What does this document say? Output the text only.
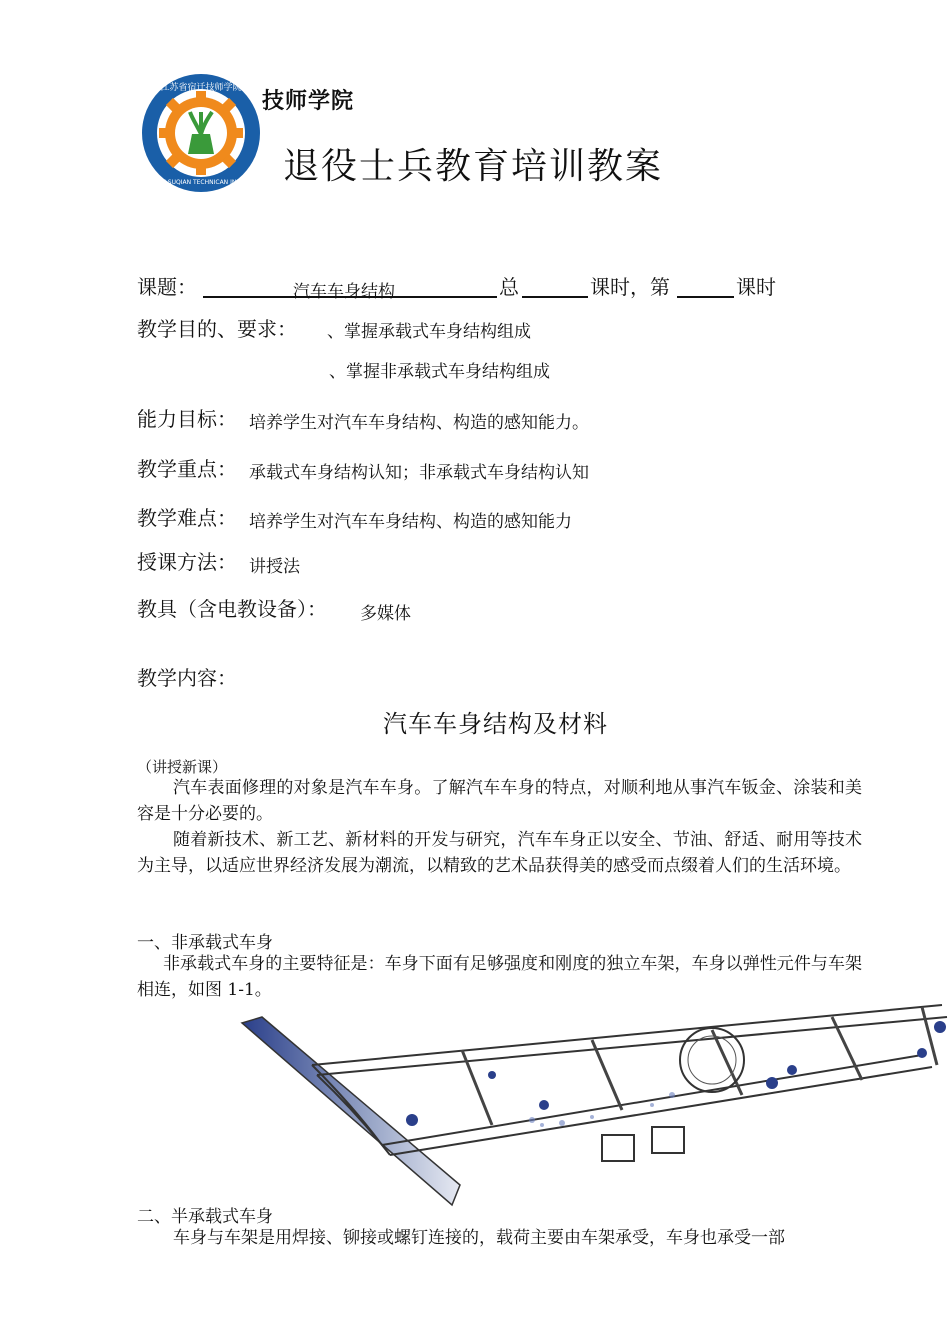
江苏省宿迁技师学院
JIANGSU SUQIAN TECHNICAN INSTITUTE
技师学院
退役士兵教育培训教案
课题：	汽车车身结构	总	课时，第	课时
教学目的、要求： 、掌握承载式车身结构组成
、掌握非承载式车身结构组成
能力目标： 培养学生对汽车车身结构、构造的感知能力。
教学重点： 承载式车身结构认知；非承载式车身结构认知
教学难点： 培养学生对汽车车身结构、构造的感知能力
授课方法： 讲授法
教具（含电教设备）： 多媒体
教学内容：
汽车车身结构及材料
（讲授新课）
汽车表面修理的对象是汽车车身。了解汽车车身的特点，对顺利地从事汽车钣金、涂装和美容是十分必要的。
随着新技术、新工艺、新材料的开发与研究，汽车车身正以安全、节油、舒适、耐用等技术为主导，以适应世界经济发展为潮流，以精致的艺术品获得美的感受而点缀着人们的生活环境。
一、非承载式车身
非承载式车身的主要特征是：车身下面有足够强度和刚度的独立车架，车身以弹性元件与车架相连，如图 1-1。
二、半承载式车身
车身与车架是用焊接、铆接或螺钉连接的，载荷主要由车架承受，车身也承受一部
